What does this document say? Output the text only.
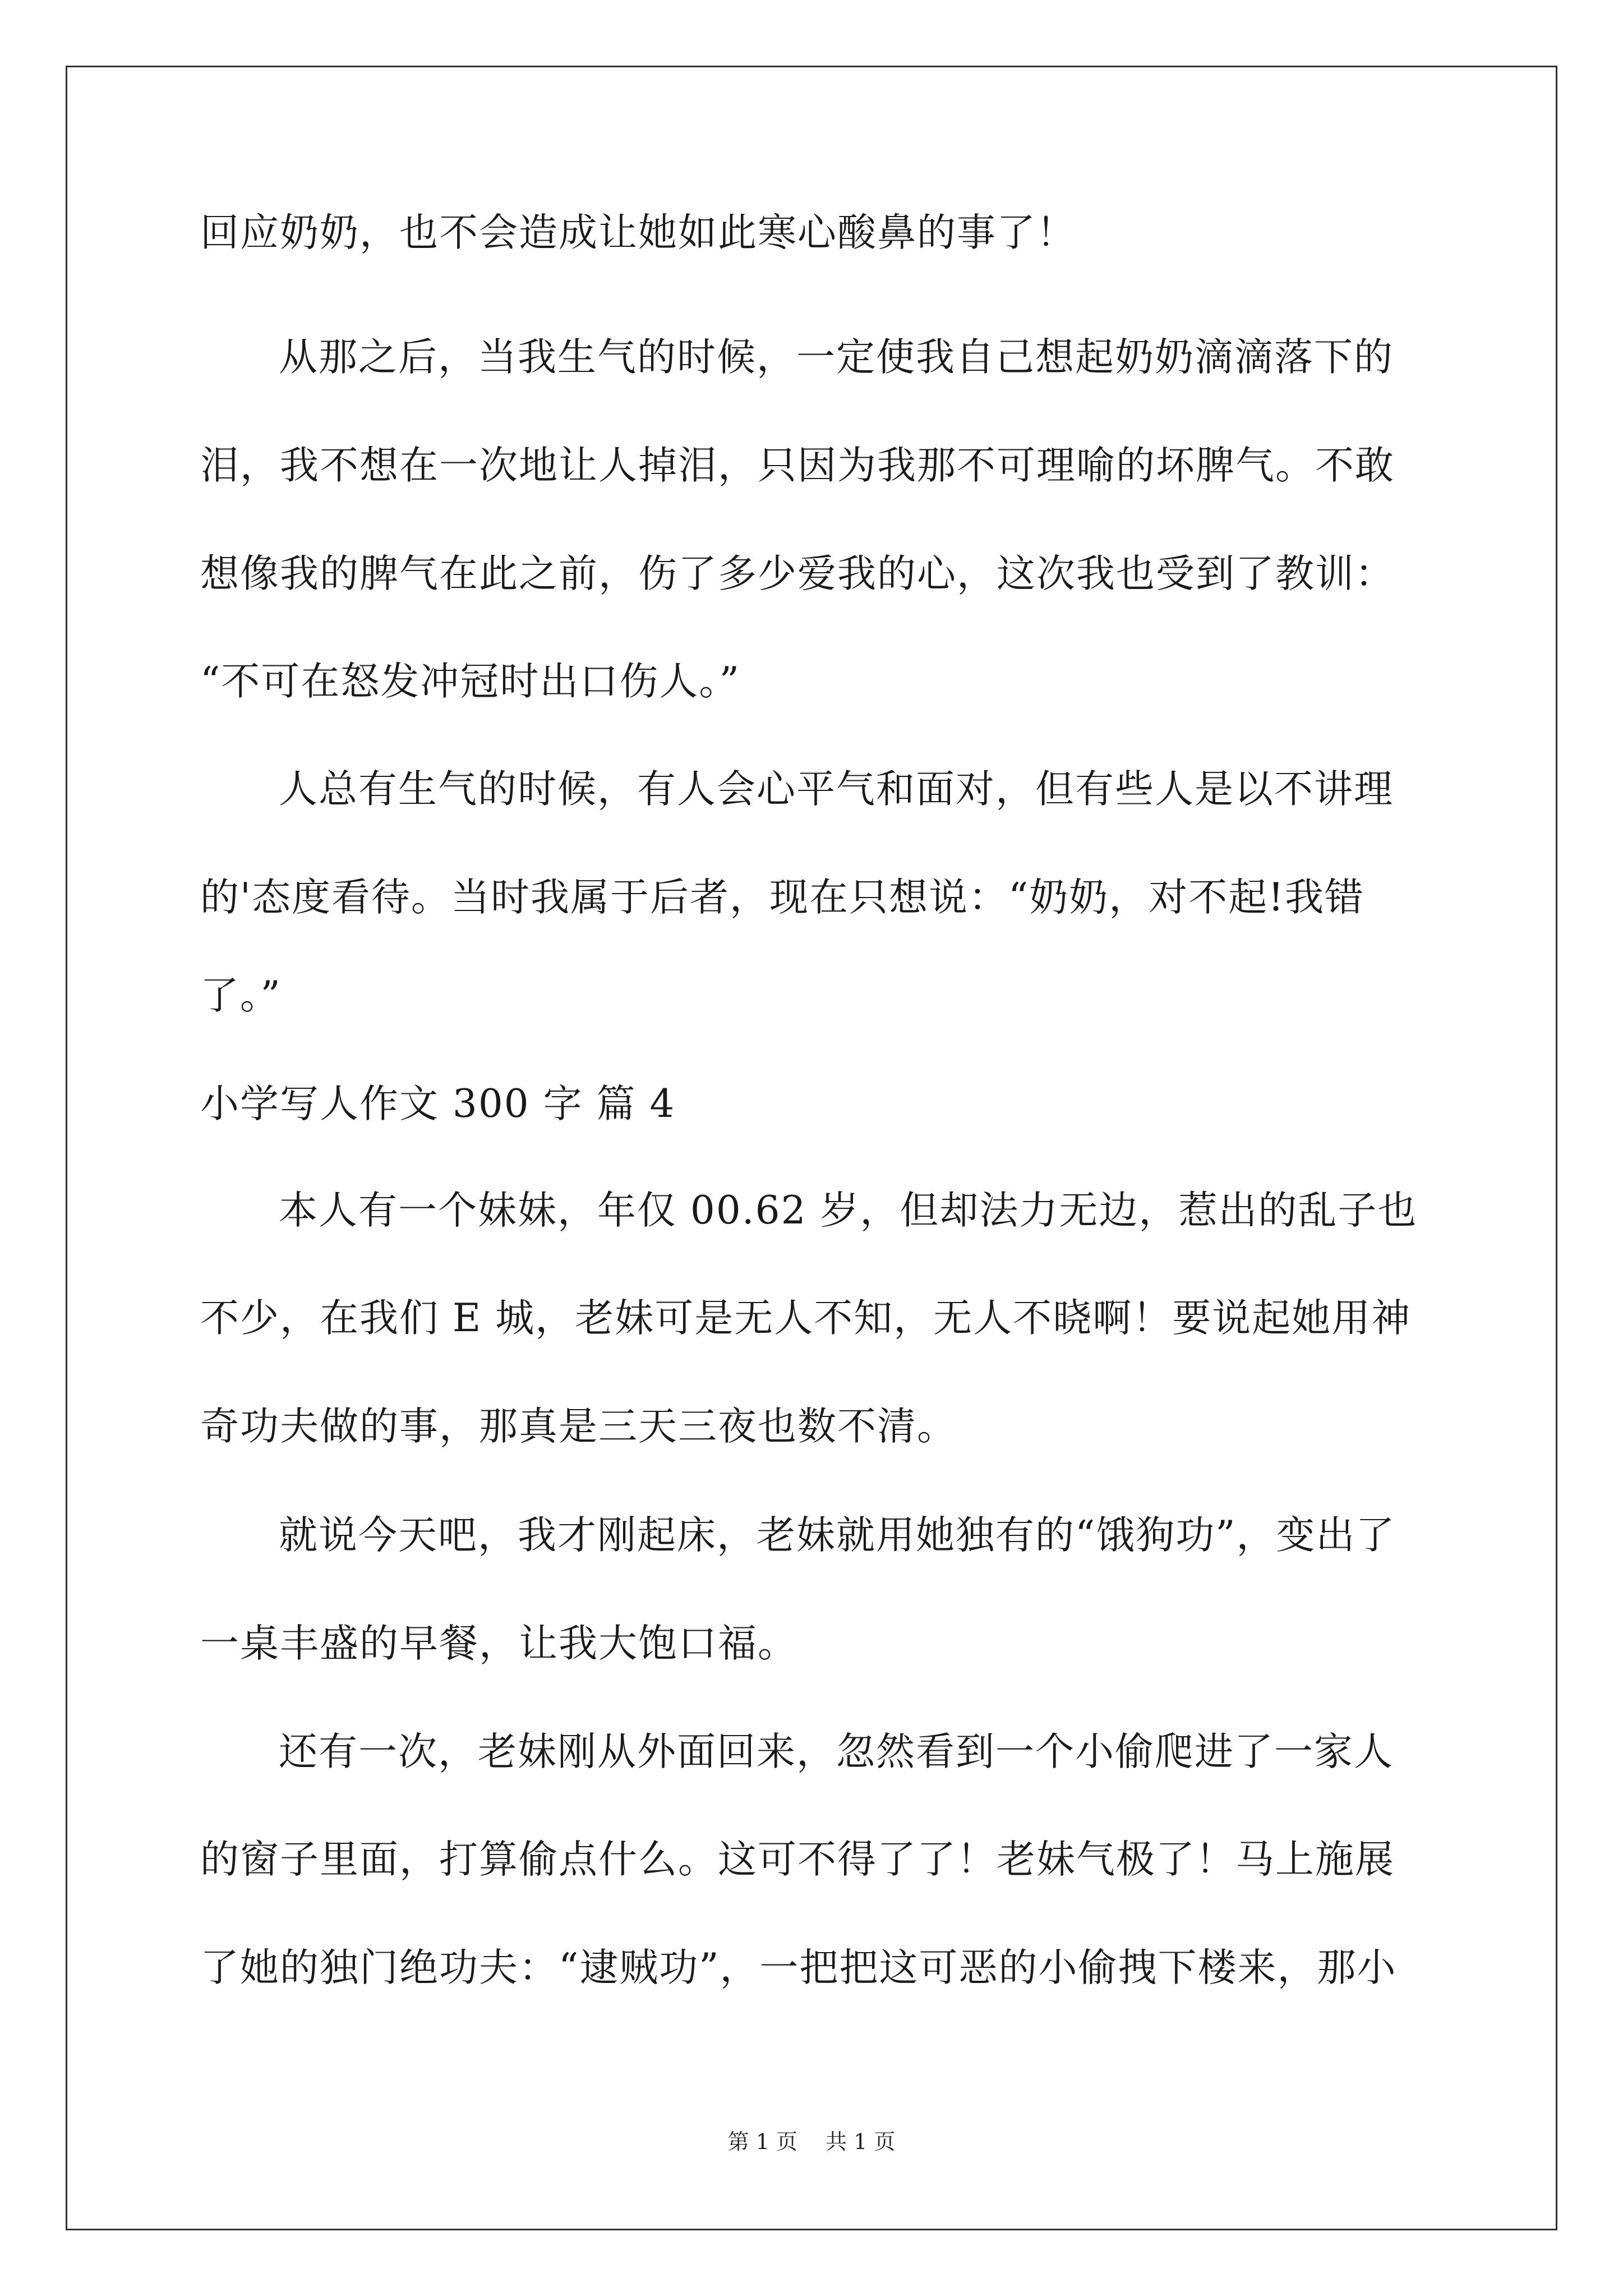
回应奶奶，也不会造成让她如此寒心酸鼻的事了！
从那之后，当我生气的时候，一定使我自己想起奶奶滴滴落下的
泪，我不想在一次地让人掉泪，只因为我那不可理喻的坏脾气。不敢
想像我的脾气在此之前，伤了多少爱我的心，这次我也受到了教训：
“不可在怒发冲冠时出口伤人。”
人总有生气的时候，有人会心平气和面对，但有些人是以不讲理
的'态度看待。当时我属于后者，现在只想说：“奶奶，对不起!我错
了。”
小学写人作文 300 字 篇 4
本人有一个妹妹，年仅 00.62 岁，但却法力无边，惹出的乱子也
不少，在我们 E 城，老妹可是无人不知，无人不晓啊！要说起她用神
奇功夫做的事，那真是三天三夜也数不清。
就说今天吧，我才刚起床，老妹就用她独有的“饿狗功”，变出了
一桌丰盛的早餐，让我大饱口福。
还有一次，老妹刚从外面回来，忽然看到一个小偷爬进了一家人
的窗子里面，打算偷点什么。这可不得了了！老妹气极了！马上施展
了她的独门绝功夫：“逮贼功”，一把把这可恶的小偷拽下楼来，那小
第 1 页 共 1 页
